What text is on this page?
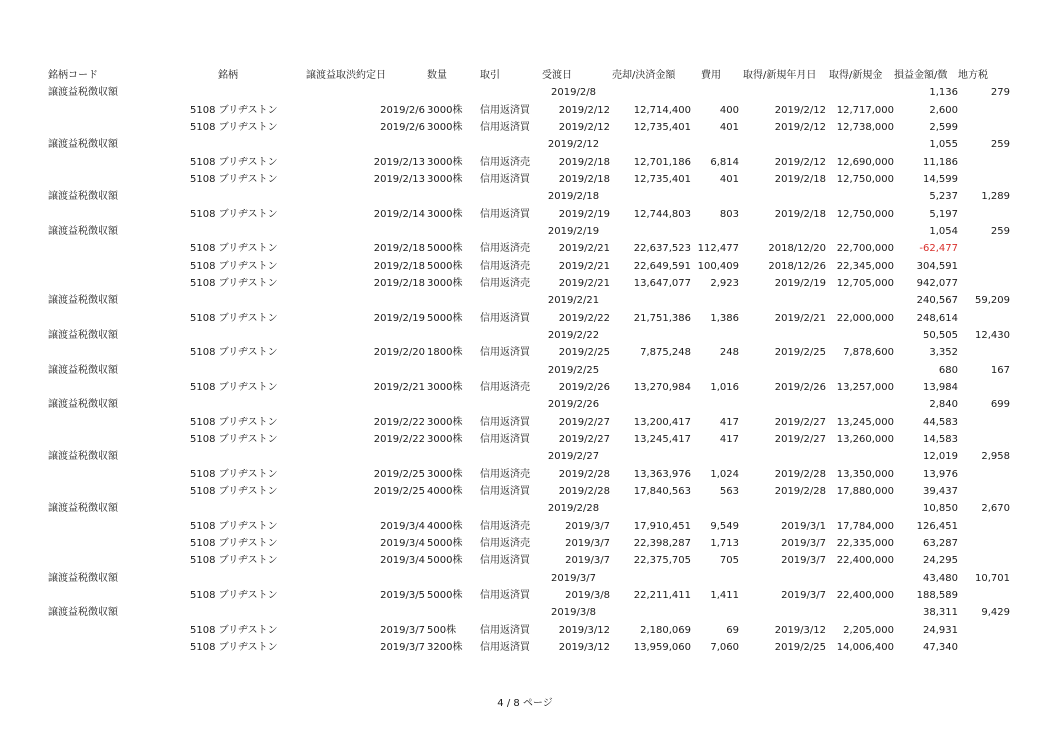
銘柄コード	銘柄	譲渡益取渋約定日	数量	取引	受渡日	売却/決済金額	費用	取得/新規年月日	取得/新規金	損益金額/徴	地方税
譲渡益税徴収額					2019/2/8					1,136	279
	5108 ブリヂストン	2019/2/6	3000株	信用返済買	2019/2/12	12,714,400	400	2019/2/12	12,717,000	2,600	
	5108 ブリヂストン	2019/2/6	3000株	信用返済買	2019/2/12	12,735,401	401	2019/2/12	12,738,000	2,599	
譲渡益税徴収額					2019/2/12					1,055	259
	5108 ブリヂストン	2019/2/13	3000株	信用返済売	2019/2/18	12,701,186	6,814	2019/2/12	12,690,000	11,186	
	5108 ブリヂストン	2019/2/13	3000株	信用返済買	2019/2/18	12,735,401	401	2019/2/18	12,750,000	14,599	
譲渡益税徴収額					2019/2/18					5,237	1,289
	5108 ブリヂストン	2019/2/14	3000株	信用返済買	2019/2/19	12,744,803	803	2019/2/18	12,750,000	5,197	
譲渡益税徴収額					2019/2/19					1,054	259
	5108 ブリヂストン	2019/2/18	5000株	信用返済売	2019/2/21	22,637,523	112,477	2018/12/20	22,700,000	-62,477	
	5108 ブリヂストン	2019/2/18	5000株	信用返済売	2019/2/21	22,649,591	100,409	2018/12/26	22,345,000	304,591	
	5108 ブリヂストン	2019/2/18	3000株	信用返済売	2019/2/21	13,647,077	2,923	2019/2/19	12,705,000	942,077	
譲渡益税徴収額					2019/2/21					240,567	59,209
	5108 ブリヂストン	2019/2/19	5000株	信用返済買	2019/2/22	21,751,386	1,386	2019/2/21	22,000,000	248,614	
譲渡益税徴収額					2019/2/22					50,505	12,430
	5108 ブリヂストン	2019/2/20	1800株	信用返済買	2019/2/25	7,875,248	248	2019/2/25	7,878,600	3,352	
譲渡益税徴収額					2019/2/25					680	167
	5108 ブリヂストン	2019/2/21	3000株	信用返済売	2019/2/26	13,270,984	1,016	2019/2/26	13,257,000	13,984	
譲渡益税徴収額					2019/2/26					2,840	699
	5108 ブリヂストン	2019/2/22	3000株	信用返済買	2019/2/27	13,200,417	417	2019/2/27	13,245,000	44,583	
	5108 ブリヂストン	2019/2/22	3000株	信用返済買	2019/2/27	13,245,417	417	2019/2/27	13,260,000	14,583	
譲渡益税徴収額					2019/2/27					12,019	2,958
	5108 ブリヂストン	2019/2/25	3000株	信用返済売	2019/2/28	13,363,976	1,024	2019/2/28	13,350,000	13,976	
	5108 ブリヂストン	2019/2/25	4000株	信用返済買	2019/2/28	17,840,563	563	2019/2/28	17,880,000	39,437	
譲渡益税徴収額					2019/2/28					10,850	2,670
	5108 ブリヂストン	2019/3/4	4000株	信用返済売	2019/3/7	17,910,451	9,549	2019/3/1	17,784,000	126,451	
	5108 ブリヂストン	2019/3/4	5000株	信用返済売	2019/3/7	22,398,287	1,713	2019/3/7	22,335,000	63,287	
	5108 ブリヂストン	2019/3/4	5000株	信用返済買	2019/3/7	22,375,705	705	2019/3/7	22,400,000	24,295	
譲渡益税徴収額					2019/3/7					43,480	10,701
	5108 ブリヂストン	2019/3/5	5000株	信用返済買	2019/3/8	22,211,411	1,411	2019/3/7	22,400,000	188,589	
譲渡益税徴収額					2019/3/8					38,311	9,429
	5108 ブリヂストン	2019/3/7	500株	信用返済買	2019/3/12	2,180,069	69	2019/3/12	2,205,000	24,931	
	5108 ブリヂストン	2019/3/7	3200株	信用返済買	2019/3/12	13,959,060	7,060	2019/2/25	14,006,400	47,340	
4 / 8 ページ
